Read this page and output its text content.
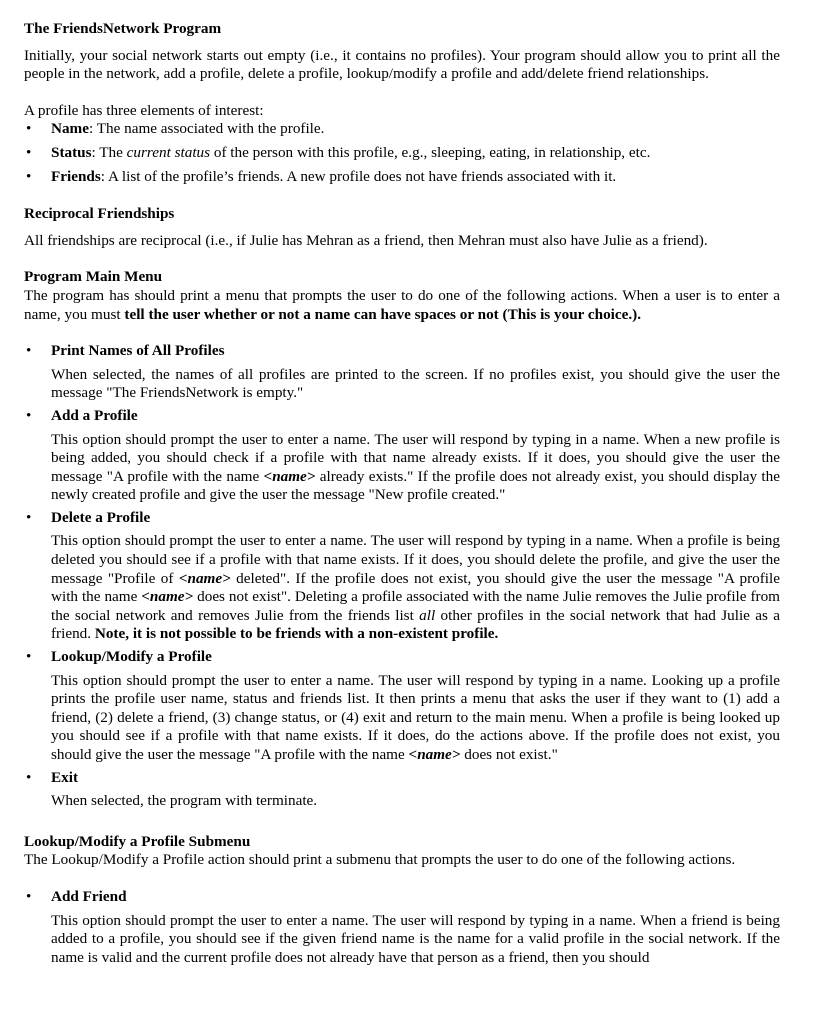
The FriendsNetwork Program

Initially, your social network starts out empty (i.e., it contains no profiles). Your program should allow you to print all the people in the network, add a profile, delete a profile, lookup/modify a profile and add/delete friend relationships.

A profile has three elements of interest:

• Name: The name associated with the profile.
• Status: The current status of the person with this profile, e.g., sleeping, eating, in relationship, etc.
• Friends: A list of the profile’s friends. A new profile does not have friends associated with it.
Reciprocal Friendships

All friendships are reciprocal (i.e., if Julie has Mehran as a friend, then Mehran must also have Julie as a friend).

Program Main Menu

The program has should print a menu that prompts the user to do one of the following actions. When a user is to enter a name, you must tell the user whether or not a name can have spaces or not (This is your choice.).

• Print Names of All Profiles

When selected, the names of all profiles are printed to the screen. If no profiles exist, you should give the user the message "The FriendsNetwork is empty."

• Add a Profile

This option should prompt the user to enter a name. The user will respond by typing in a name. When a new profile is being added, you should check if a profile with that name already exists. If it does, you should give the user the message "A profile with the name <name> already exists." If the profile does not already exist, you should display the newly created profile and give the user the message "New profile created."

• Delete a Profile

This option should prompt the user to enter a name. The user will respond by typing in a name. When a profile is being deleted you should see if a profile with that name exists. If it does, you should delete the profile, and give the user the message "Profile of <name> deleted". If the profile does not exist, you should give the user the message "A profile with the name <name> does not exist". Deleting a profile associated with the name Julie removes the Julie profile from the social network and removes Julie from the friends list all other profiles in the social network that had Julie as a friend. Note, it is not possible to be friends with a non-existent profile.

• Lookup/Modify a Profile

This option should prompt the user to enter a name. The user will respond by typing in a name. Looking up a profile prints the profile user name, status and friends list. It then prints a menu that asks the user if they want to (1) add a friend, (2) delete a friend, (3) change status, or (4) exit and return to the main menu. When a profile is being looked up you should see if a profile with that name exists. If it does, do the actions above. If the profile does not exist, you should give the user the message "A profile with the name <name> does not exist."

• Exit

When selected, the program with terminate.

Lookup/Modify a Profile Submenu

The Lookup/Modify a Profile action should print a submenu that prompts the user to do one of the following actions.

• Add Friend

This option should prompt the user to enter a name. The user will respond by typing in a name. When a friend is being added to a profile, you should see if the given friend name is the name for a valid profile in the social network. If the name is valid and the current profile does not already have that person as a friend, then you should
